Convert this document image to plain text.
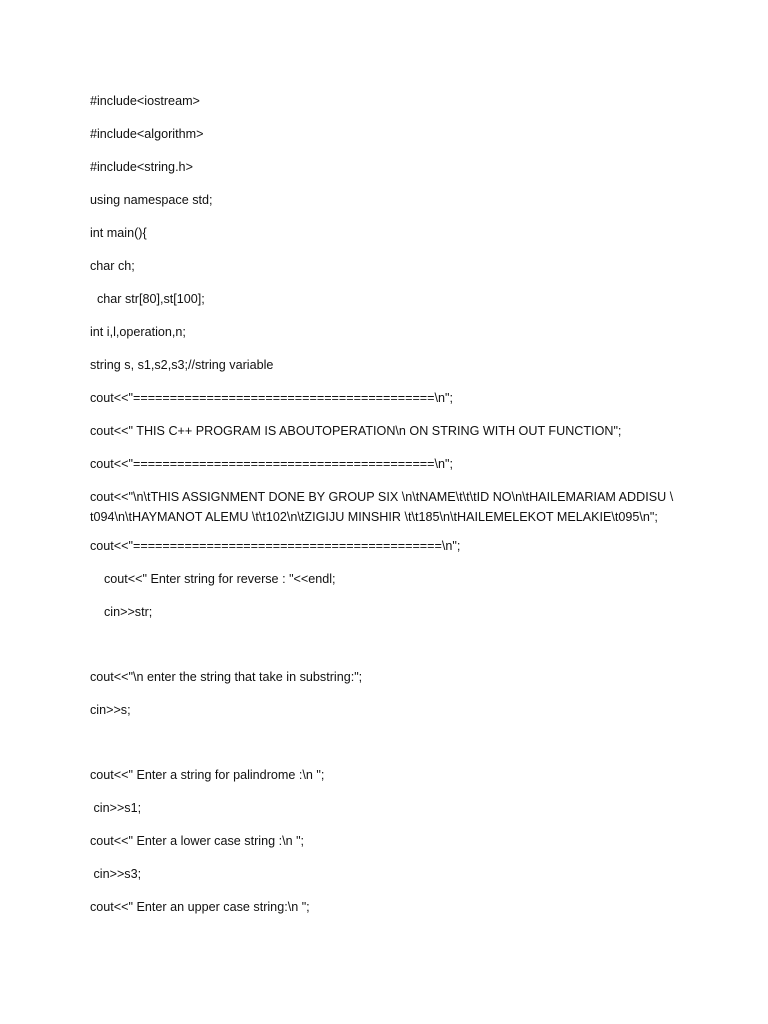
#include<iostream>
#include<algorithm>
#include<string.h>
using namespace std;
int main(){
char ch;
char str[80],st[100];
int i,l,operation,n;
string s, s1,s2,s3;//string variable
cout<<"=========================================\n";
cout<<" THIS C++ PROGRAM IS ABOUTOPERATION\n ON STRING WITH OUT FUNCTION";
cout<<"=========================================\n";
cout<<"\n\tTHIS ASSIGNMENT DONE BY GROUP SIX \n\tNAME\t\t\tID NO\n\tHAILEMARIAM ADDISU \ t094\n\tHAYMANOT ALEMU \t\t102\n\tZIGIJU MINSHIR \t\t185\n\tHAILEMELEKOT MELAKIE\t095\n";
cout<<"==========================================\n";
cout<<" Enter string for reverse : "<<endl;
cin>>str;
cout<<"\n enter the string that take in substring:";
cin>>s;
cout<<" Enter a string for palindrome :\n ";
cin>>s1;
cout<<" Enter a lower case string :\n ";
cin>>s3;
cout<<" Enter an upper case string:\n ";
